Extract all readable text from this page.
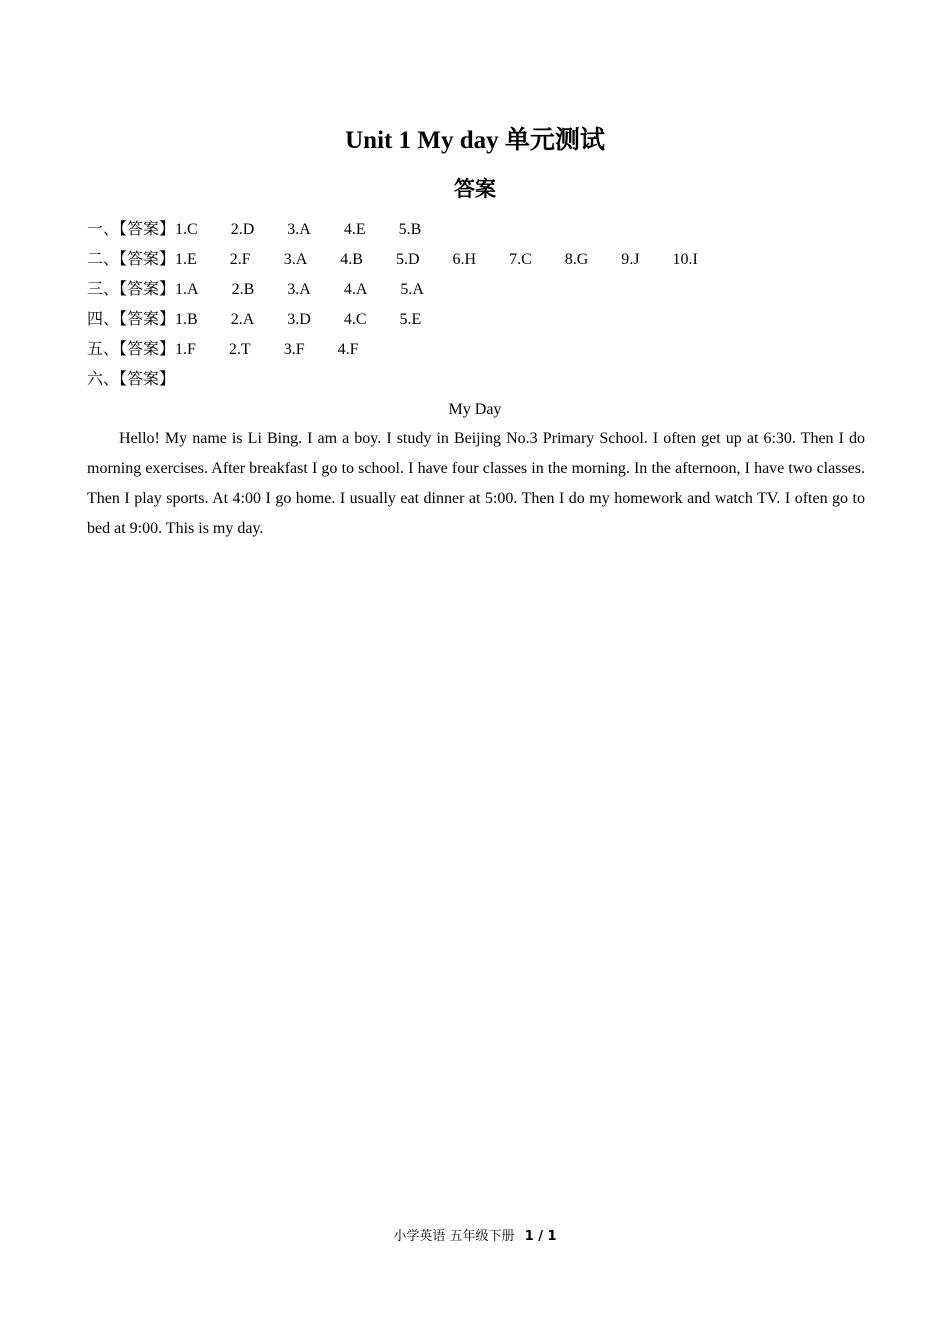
Unit 1 My day 单元测试
答案
一、【答案】 1.C 2.D 3.A 4.E 5.B
二、【答案】 1.E 2.F 3.A 4.B 5.D 6.H 7.C 8.G 9.J 10.I
三、【答案】 1.A 2.B 3.A 4.A 5.A
四、【答案】 1.B 2.A 3.D 4.C 5.E
五、【答案】 1.F 2.T 3.F 4.F
六、【答案】
My Day
Hello! My name is Li Bing. I am a boy. I study in Beijing No.3 Primary School. I often get up at 6:30. Then I do morning exercises. After breakfast I go to school. I have four classes in the morning. In the afternoon, I have two classes. Then I play sports. At 4:00 I go home. I usually eat dinner at 5:00. Then I do my homework and watch TV. I often go to bed at 9:00. This is my day.
小学英语 五年级下册 1 / 1
